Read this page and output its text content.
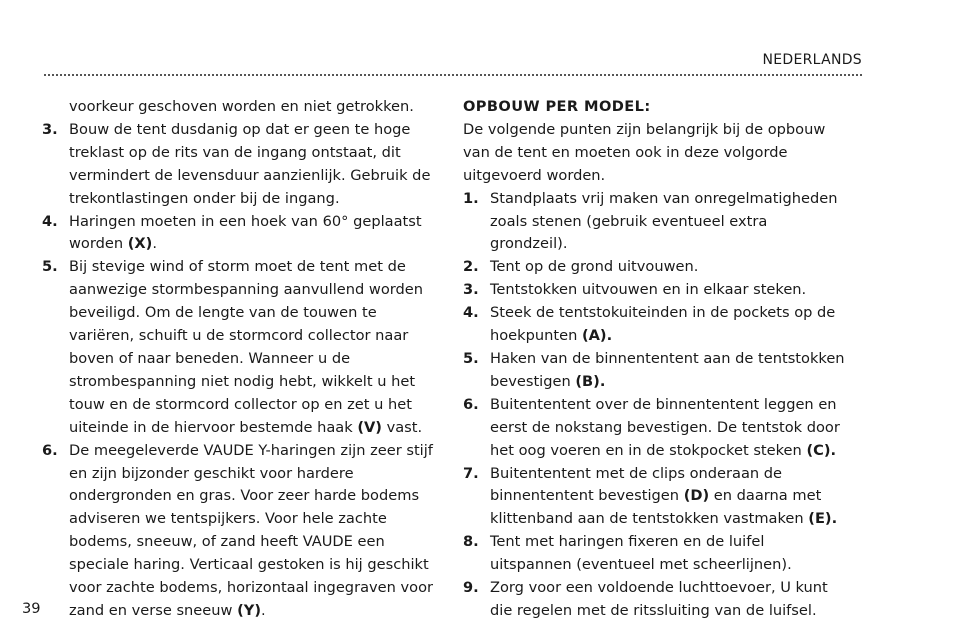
NEDERLANDS

voorkeur geschoven worden en niet getrokken.

3. Bouw de tent dusdanig op dat er geen te hoge treklast op de rits van de ingang ontstaat, dit vermindert de levensduur aanzienlijk. Gebruik de trekontlastingen onder bij de ingang.
4. Haringen moeten in een hoek van 60° geplaatst worden (X).
5. Bij stevige wind of storm moet de tent met de aanwezige stormbespanning aanvullend worden beveiligd. Om de lengte van de touwen te variëren, schuift u de stormcord collector naar boven of naar beneden. Wanneer u de strombespanning niet nodig hebt, wikkelt u het touw en de stormcord collector op en zet u het uiteinde in de hiervoor bestemde haak (V) vast.
6. De meegeleverde VAUDE Y-haringen zijn zeer stijf en zijn bijzonder geschikt voor hardere ondergronden en gras. Voor zeer harde bodems adviseren we tentspijkers. Voor hele zachte bodems, sneeuw, of zand heeft VAUDE een speciale haring. Verticaal gestoken is hij geschikt voor zachte bodems, horizontaal ingegraven voor zand en verse sneeuw (Y).

OPBOUW PER MODEL:

De volgende punten zijn belangrijk bij de opbouw van de tent en moeten ook in deze volgorde uitgevoerd worden.

1. Standplaats vrij maken van onregelmatigheden zoals stenen (gebruik eventueel extra grondzeil).
2. Tent op de grond uitvouwen.
3. Tentstokken uitvouwen en in elkaar steken.
4. Steek de tentstokuiteinden in de pockets op de hoekpunten (A).
5. Haken van de binnententent aan de tentstokken bevestigen (B).
6. Buitententent over de binnententent leggen en eerst de nokstang bevestigen. De tentstok door het oog voeren en in de stokpocket steken (C).
7. Buitententent met de clips onderaan de binnententent bevestigen (D) en daarna met klittenband aan de tentstokken vastmaken (E).
8. Tent met haringen fixeren en de luifel uitspannen (eventueel met scheerlijnen).
9. Zorg voor een voldoende luchttoevoer, U kunt die regelen met de ritssluiting van de luifsel.
39
